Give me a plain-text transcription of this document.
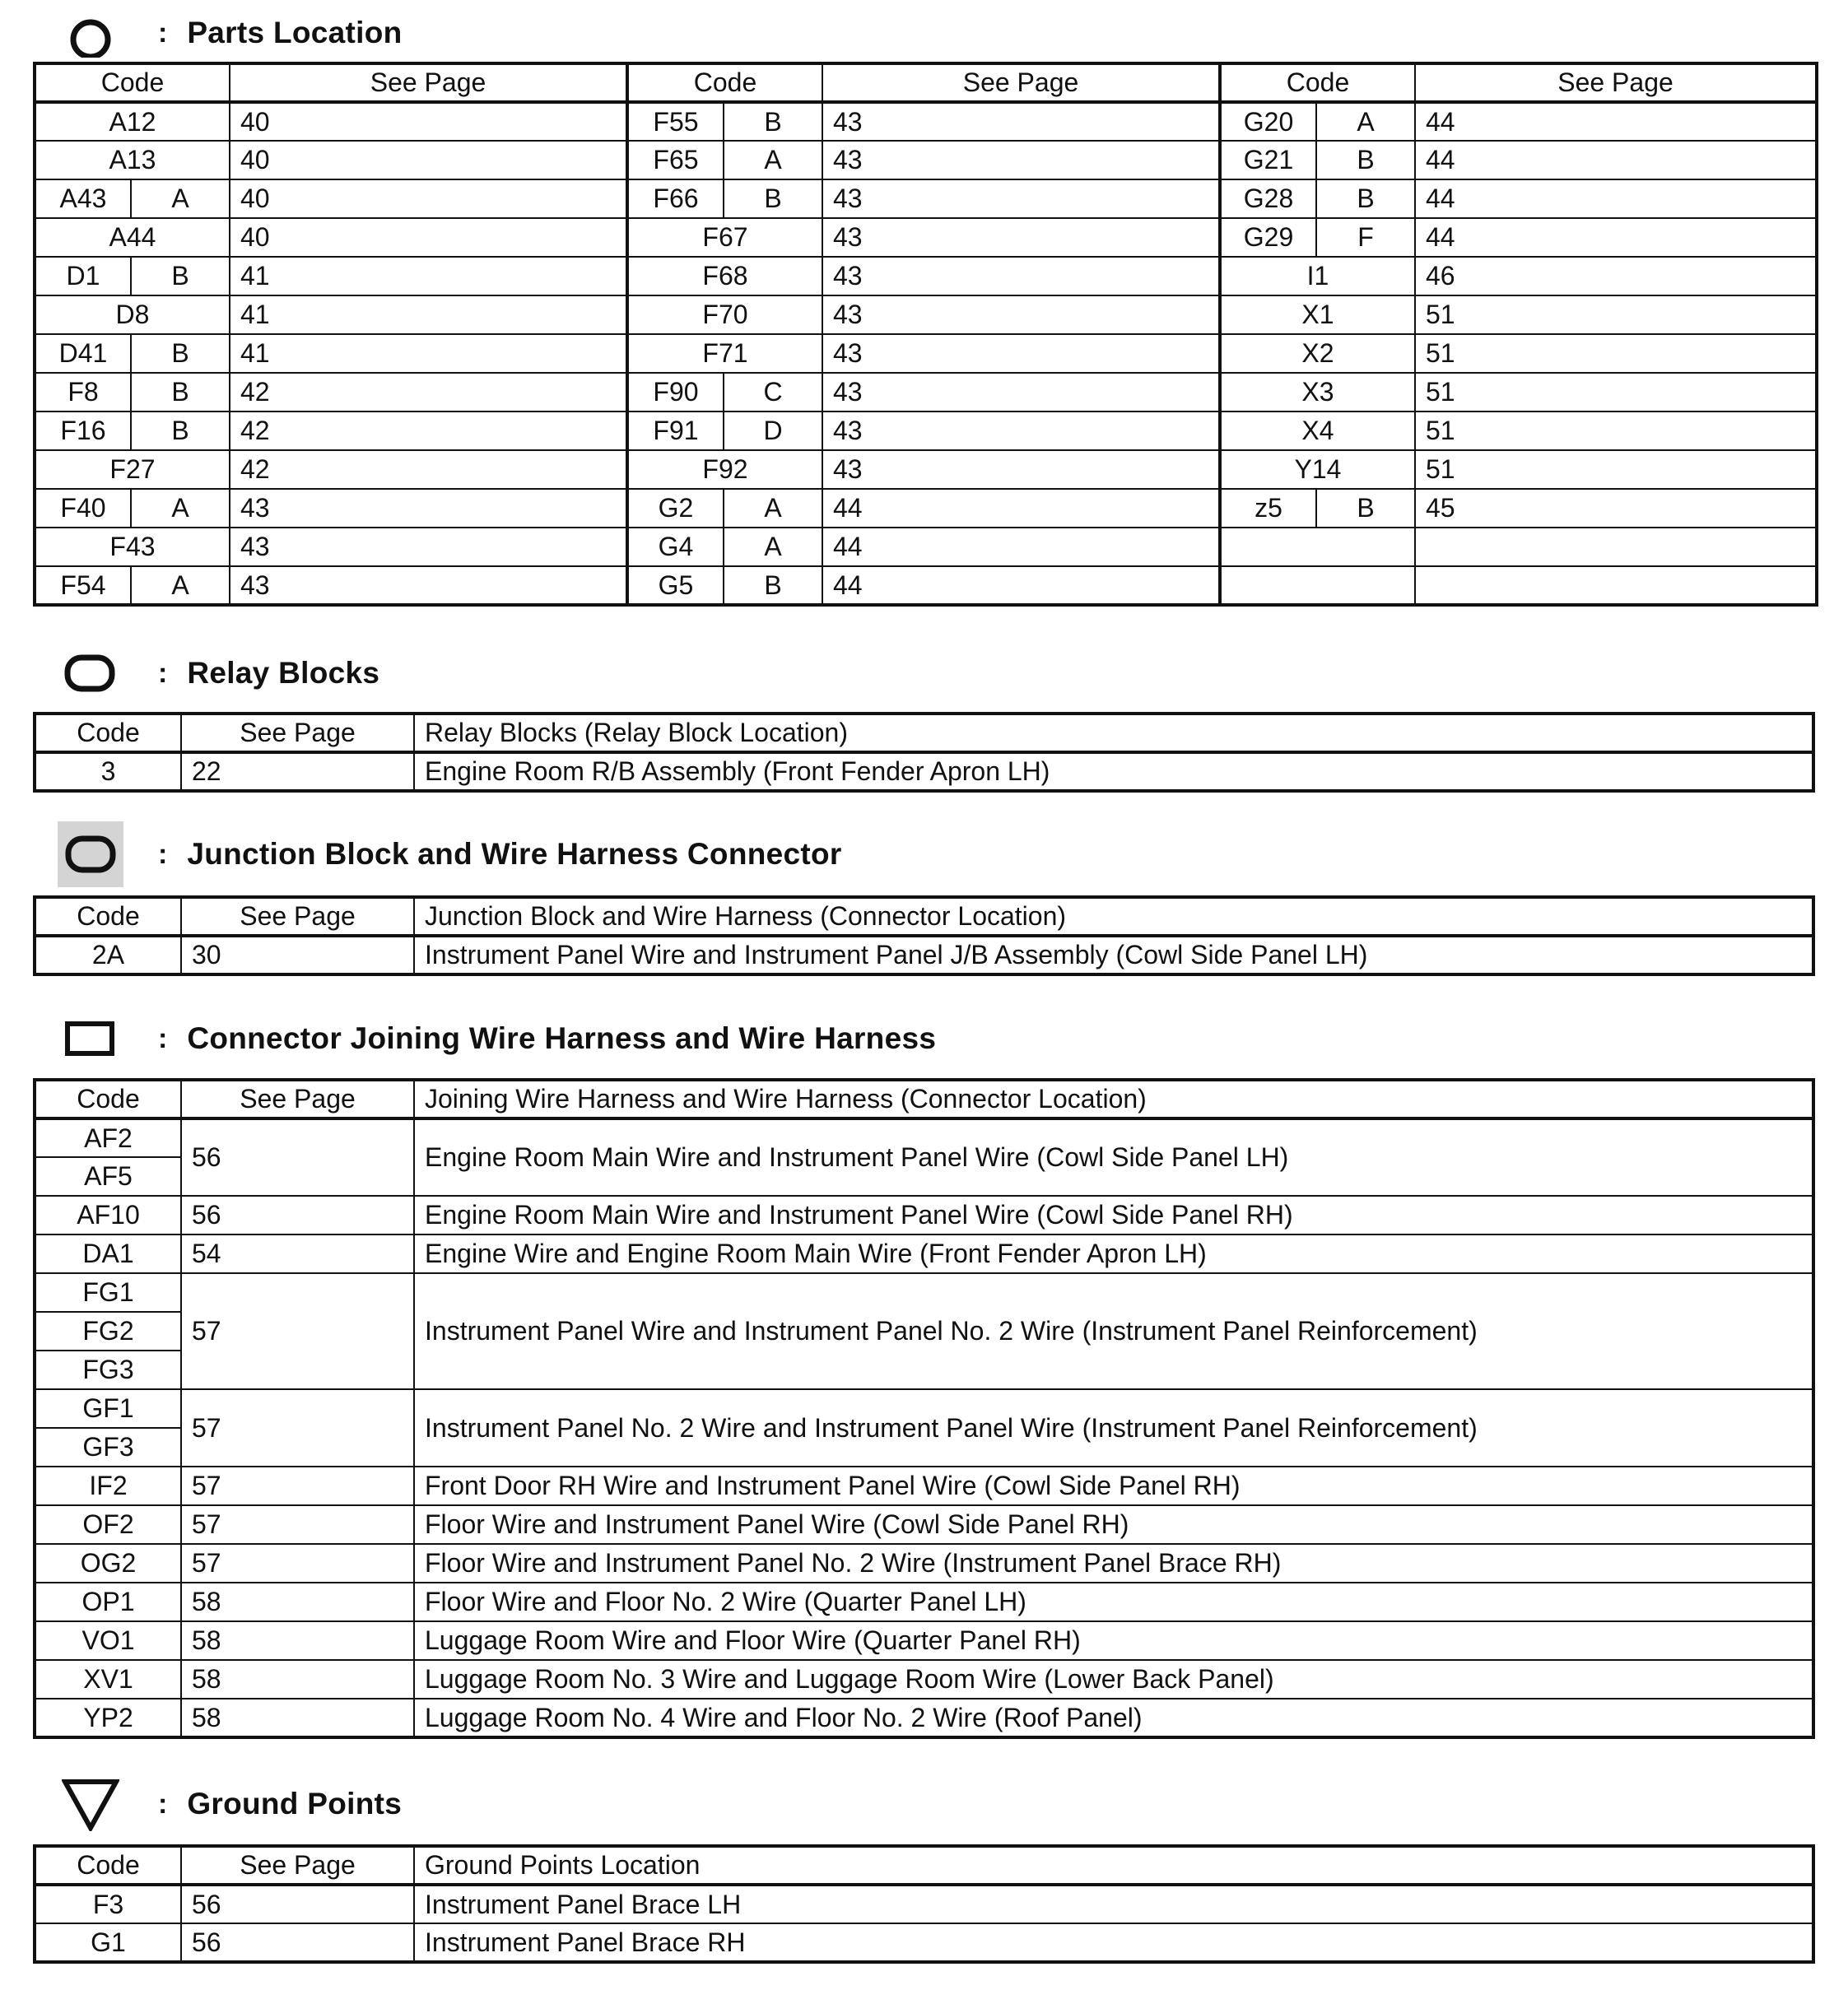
: Parts Location
Code		See Page	Code		See Page	Code		See Page
A12		40	F55	B	43	G20	A	44
A13		40	F65	A	43	G21	B	44
A43	A	40	F66	B	43	G28	B	44
A44		40	F67		43	G29	F	44
D1	B	41	F68		43	I1		46
D8		41	F70		43	X1		51
D41	B	41	F71		43	X2		51
F8	B	42	F90	C	43	X3		51
F16	B	42	F91	D	43	X4		51
F27		42	F92		43	Y14		51
F40	A	43	G2	A	44	z5	B	45
F43		43	G4	A	44			
F54	A	43	G5	B	44			
: Relay Blocks
Code	See Page	Relay Blocks (Relay Block Location)
3	22	Engine Room R/B Assembly (Front Fender Apron LH)
: Junction Block and Wire Harness Connector
Code	See Page	Junction Block and Wire Harness (Connector Location)
2A	30	Instrument Panel Wire and Instrument Panel J/B Assembly (Cowl Side Panel LH)
: Connector Joining Wire Harness and Wire Harness
Code	See Page	Joining Wire Harness and Wire Harness (Connector Location)
AF2	56	Engine Room Main Wire and Instrument Panel Wire (Cowl Side Panel LH)
AF5		
AF10	56	Engine Room Main Wire and Instrument Panel Wire (Cowl Side Panel RH)
DA1	54	Engine Wire and Engine Room Main Wire (Front Fender Apron LH)
FG1	57	Instrument Panel Wire and Instrument Panel No. 2 Wire (Instrument Panel Reinforcement)
FG2		
FG3		
GF1	57	Instrument Panel No. 2 Wire and Instrument Panel Wire (Instrument Panel Reinforcement)
GF3		
IF2	57	Front Door RH Wire and Instrument Panel Wire (Cowl Side Panel RH)
OF2	57	Floor Wire and Instrument Panel Wire (Cowl Side Panel RH)
OG2	57	Floor Wire and Instrument Panel No. 2 Wire (Instrument Panel Brace RH)
OP1	58	Floor Wire and Floor No. 2 Wire (Quarter Panel LH)
VO1	58	Luggage Room Wire and Floor Wire (Quarter Panel RH)
XV1	58	Luggage Room No. 3 Wire and Luggage Room Wire (Lower Back Panel)
YP2	58	Luggage Room No. 4 Wire and Floor No. 2 Wire (Roof Panel)
: Ground Points
Code	See Page	Ground Points Location
F3	56	Instrument Panel Brace LH
G1	56	Instrument Panel Brace RH
